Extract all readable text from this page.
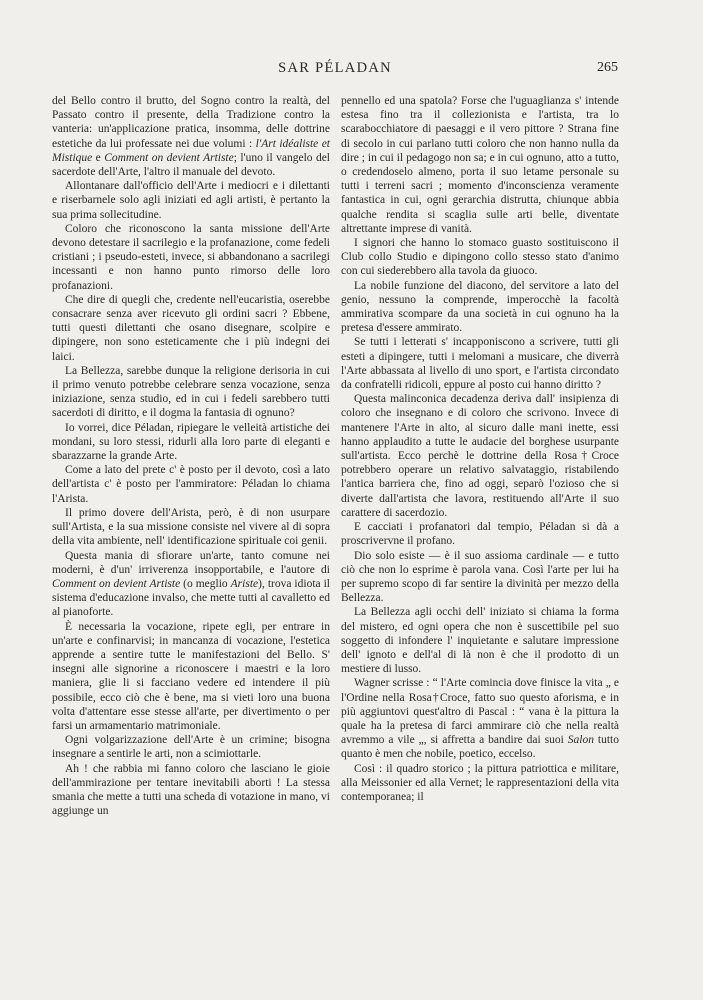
SAR PÉLADAN	265

del Bello contro il brutto, del Sogno contro la realtà, del Passato contro il presente, della Tradizione contro la vanteria: un'applicazione pratica, insomma, delle dottrine estetiche da lui professate nei due volumi : l'Art idéaliste et Mistique e Comment on devient Artiste; l'uno il vangelo del sacerdote dell'Arte, l'altro il manuale del devoto.

Allontanare dall'officio dell'Arte i mediocri e i dilettanti e riserbarnele solo agli iniziati ed agli artisti, è pertanto la sua prima sollecitudine.

Coloro che riconoscono la santa missione dell'Arte devono detestare il sacrilegio e la profanazione, come fedeli cristiani ; i pseudo-esteti, invece, si abbandonano a sacrilegi incessanti e non hanno punto rimorso delle loro profanazioni.

Che dire di quegli che, credente nell'eucaristia, oserebbe consacrare senza aver ricevuto gli ordini sacri ? Ebbene, tutti questi dilettanti che osano disegnare, scolpire e dipingere, non sono esteticamente che i più indegni dei laici.

La Bellezza, sarebbe dunque la religione derisoria in cui il primo venuto potrebbe celebrare senza vocazione, senza iniziazione, senza studio, ed in cui i fedeli sarebbero tutti sacerdoti di diritto, e il dogma la fantasia di ognuno?

Io vorrei, dice Péladan, ripiegare le velleità artistiche dei mondani, su loro stessi, ridurli alla loro parte di eleganti e sbarazzarne la grande Arte.

Come a lato del prete c' è posto per il devoto, così a lato dell'artista c' è posto per l'ammiratore: Péladan lo chiama l'Arista.

Il primo dovere dell'Arista, però, è di non usurpare sull'Artista, e la sua missione consiste nel vivere al di sopra della vita ambiente, nell' identificazione spirituale coi genii.

Questa mania di sfiorare un'arte, tanto comune nei moderni, è d'un' irriverenza insopportabile, e l'autore di Comment on devient Artiste (o meglio Ariste), trova idiota il sistema d'educazione invalso, che mette tutti al cavalletto ed al pianoforte.

È necessaria la vocazione, ripete egli, per entrare in un'arte e confinarvisi; in mancanza di vocazione, l'estetica apprende a sentire tutte le manifestazioni del Bello. S' insegni alle signorine a riconoscere i maestri e la loro maniera, glie li si facciano vedere ed intendere il più possibile, ecco ciò che è bene, ma si vieti loro una buona volta d'attentare esse stesse all'arte, per divertimento o per farsi un armamentario matrimoniale.

Ogni volgarizzazione dell'Arte è un crimine; bisogna insegnare a sentirle le arti, non a scimiottarle.

Ah ! che rabbia mi fanno coloro che lasciano le gioie dell'ammirazione per tentare inevitabili aborti ! La stessa smania che mette a tutti una scheda di votazione in mano, vi aggiunge un

pennello ed una spatola? Forse che l'uguaglianza s' intende estesa fino tra il collezionista e l'artista, tra lo scarabocchiatore di paesaggi e il vero pittore ? Strana fine di secolo in cui parlano tutti coloro che non hanno nulla da dire ; in cui il pedagogo non sa; e in cui ognuno, atto a tutto, o credendoselo almeno, porta il suo letame personale su tutti i terreni sacri ; momento d'inconscienza veramente fantastica in cui, ogni gerarchia distrutta, chiunque abbia qualche rendita si scaglia sulle arti belle, diventate altrettante imprese di vanità.

I signori che hanno lo stomaco guasto sostituiscono il Club collo Studio e dipingono collo stesso stato d'animo con cui siederebbero alla tavola da giuoco.

La nobile funzione del diacono, del servitore a lato del genio, nessuno la comprende, imperocchè la facoltà ammirativa scompare da una società in cui ognuno ha la pretesa d'essere ammirato.

Se tutti i letterati s' incapponiscono a scrivere, tutti gli esteti a dipingere, tutti i melomani a musicare, che diverrà l'Arte abbassata al livello di uno sport, e l'artista circondato da confratelli ridicoli, eppure al posto cui hanno diritto ?

Questa malinconica decadenza deriva dall' insipienza di coloro che insegnano e di coloro che scrivono. Invece di mantenere l'Arte in alto, al sicuro dalle mani inette, essi hanno applaudito a tutte le audacie del borghese usurpante sull'artista. Ecco perchè le dottrine della Rosa†Croce potrebbero operare un relativo salvataggio, ristabilendo l'antica barriera che, fino ad oggi, separò l'ozioso che si diverte dall'artista che lavora, restituendo all'Arte il suo carattere di sacerdozio.

E cacciati i profanatori dal tempio, Péladan si dà a proscrivervne il profano.

Dio solo esiste — è il suo assioma cardinale — e tutto ciò che non lo esprime è parola vana. Così l'arte per lui ha per supremo scopo di far sentire la divinità per mezzo della Bellezza.

La Bellezza agli occhi dell' iniziato si chiama la forma del mistero, ed ogni opera che non è suscettibile pel suo soggetto di infondere l' inquietante e salutare impressione dell' ignoto e dell'al di là non è che il prodotto di un mestiere di lusso.

Wagner scrisse : “ l'Arte comincia dove finisce la vita „ e l'Ordine nella Rosa†Croce, fatto suo questo aforisma, e in più aggiuntovi quest'altro di Pascal : “ vana è la pittura la quale ha la pretesa di farci ammirare ciò che nella realtà avremmo a vile „, si affretta a bandire dai suoi Salon tutto quanto è men che nobile, poetico, eccelso.

Così : il quadro storico ; la pittura patriottica e militare, alla Meissonier ed alla Vernet; le rappresentazioni della vita contemporanea; il
